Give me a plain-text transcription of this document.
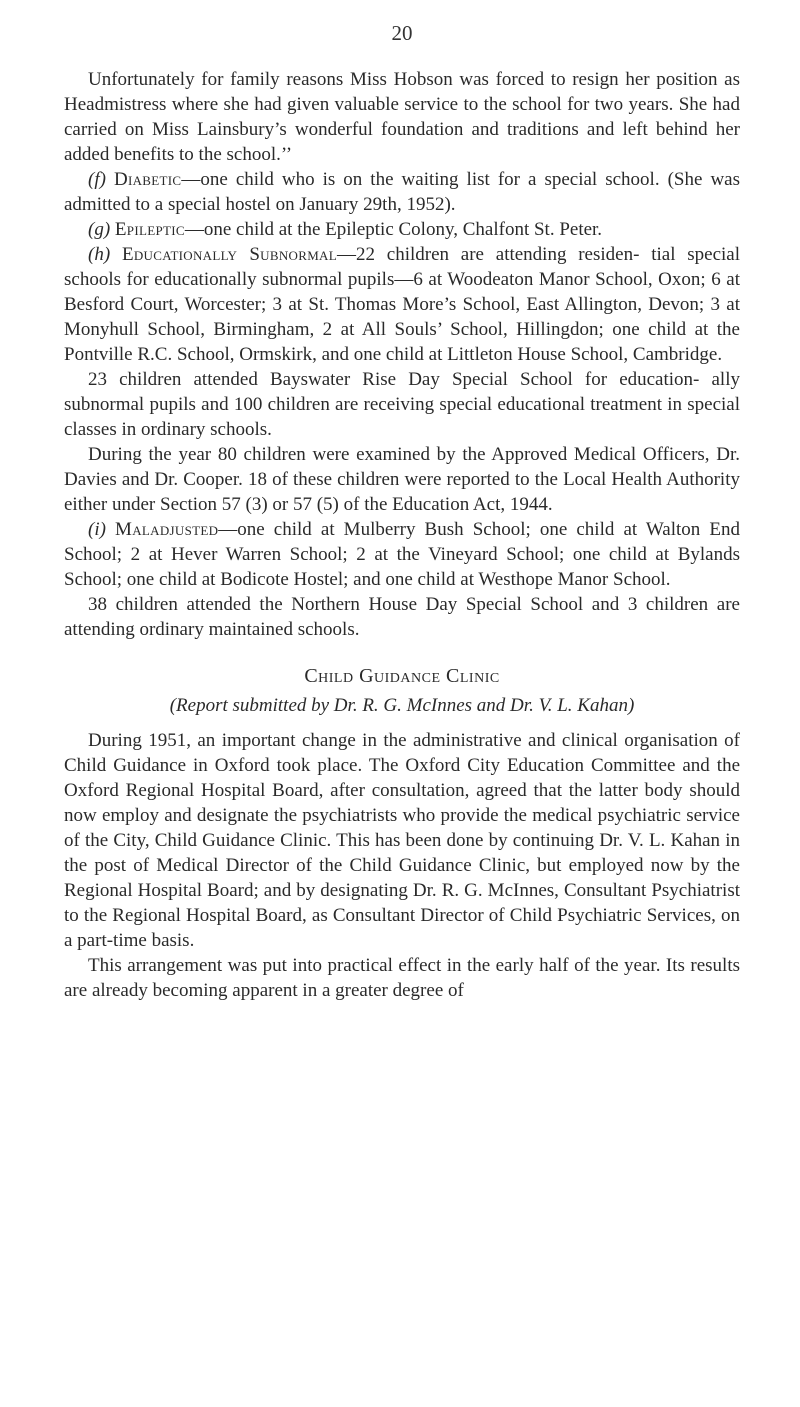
20

Unfortunately for family reasons Miss Hobson was forced to resign her position as Headmistress where she had given valuable service to the school for two years. She had carried on Miss Lainsbury’s wonderful foundation and traditions and left behind her added benefits to the school.’’

(f) Diabetic—one child who is on the waiting list for a special school. (She was admitted to a special hostel on January 29th, 1952).

(g) Epileptic—one child at the Epileptic Colony, Chalfont St. Peter.

(h) Educationally Subnormal—22 children are attending residen- tial special schools for educationally subnormal pupils—6 at Woodeaton Manor School, Oxon; 6 at Besford Court, Worcester; 3 at St. Thomas More’s School, East Allington, Devon; 3 at Monyhull School, Birmingham, 2 at All Souls’ School, Hillingdon; one child at the Pontville R.C. School, Ormskirk, and one child at Littleton House School, Cambridge.

23 children attended Bayswater Rise Day Special School for education- ally subnormal pupils and 100 children are receiving special educational treatment in special classes in ordinary schools.

During the year 80 children were examined by the Approved Medical Officers, Dr. Davies and Dr. Cooper. 18 of these children were reported to the Local Health Authority either under Section 57 (3) or 57 (5) of the Education Act, 1944.

(i) Maladjusted—one child at Mulberry Bush School; one child at Walton End School; 2 at Hever Warren School; 2 at the Vineyard School; one child at Bylands School; one child at Bodicote Hostel; and one child at Westhope Manor School.

38 children attended the Northern House Day Special School and 3 children are attending ordinary maintained schools.

Child Guidance Clinic
(Report submitted by Dr. R. G. McInnes and Dr. V. L. Kahan)

During 1951, an important change in the administrative and clinical organisation of Child Guidance in Oxford took place. The Oxford City Education Committee and the Oxford Regional Hospital Board, after consultation, agreed that the latter body should now employ and designate the psychiatrists who provide the medical psychiatric service of the City, Child Guidance Clinic. This has been done by continuing Dr. V. L. Kahan in the post of Medical Director of the Child Guidance Clinic, but employed now by the Regional Hospital Board; and by designating Dr. R. G. McInnes, Consultant Psychiatrist to the Regional Hospital Board, as Consultant Director of Child Psychiatric Services, on a part-time basis.

This arrangement was put into practical effect in the early half of the year. Its results are already becoming apparent in a greater degree of
